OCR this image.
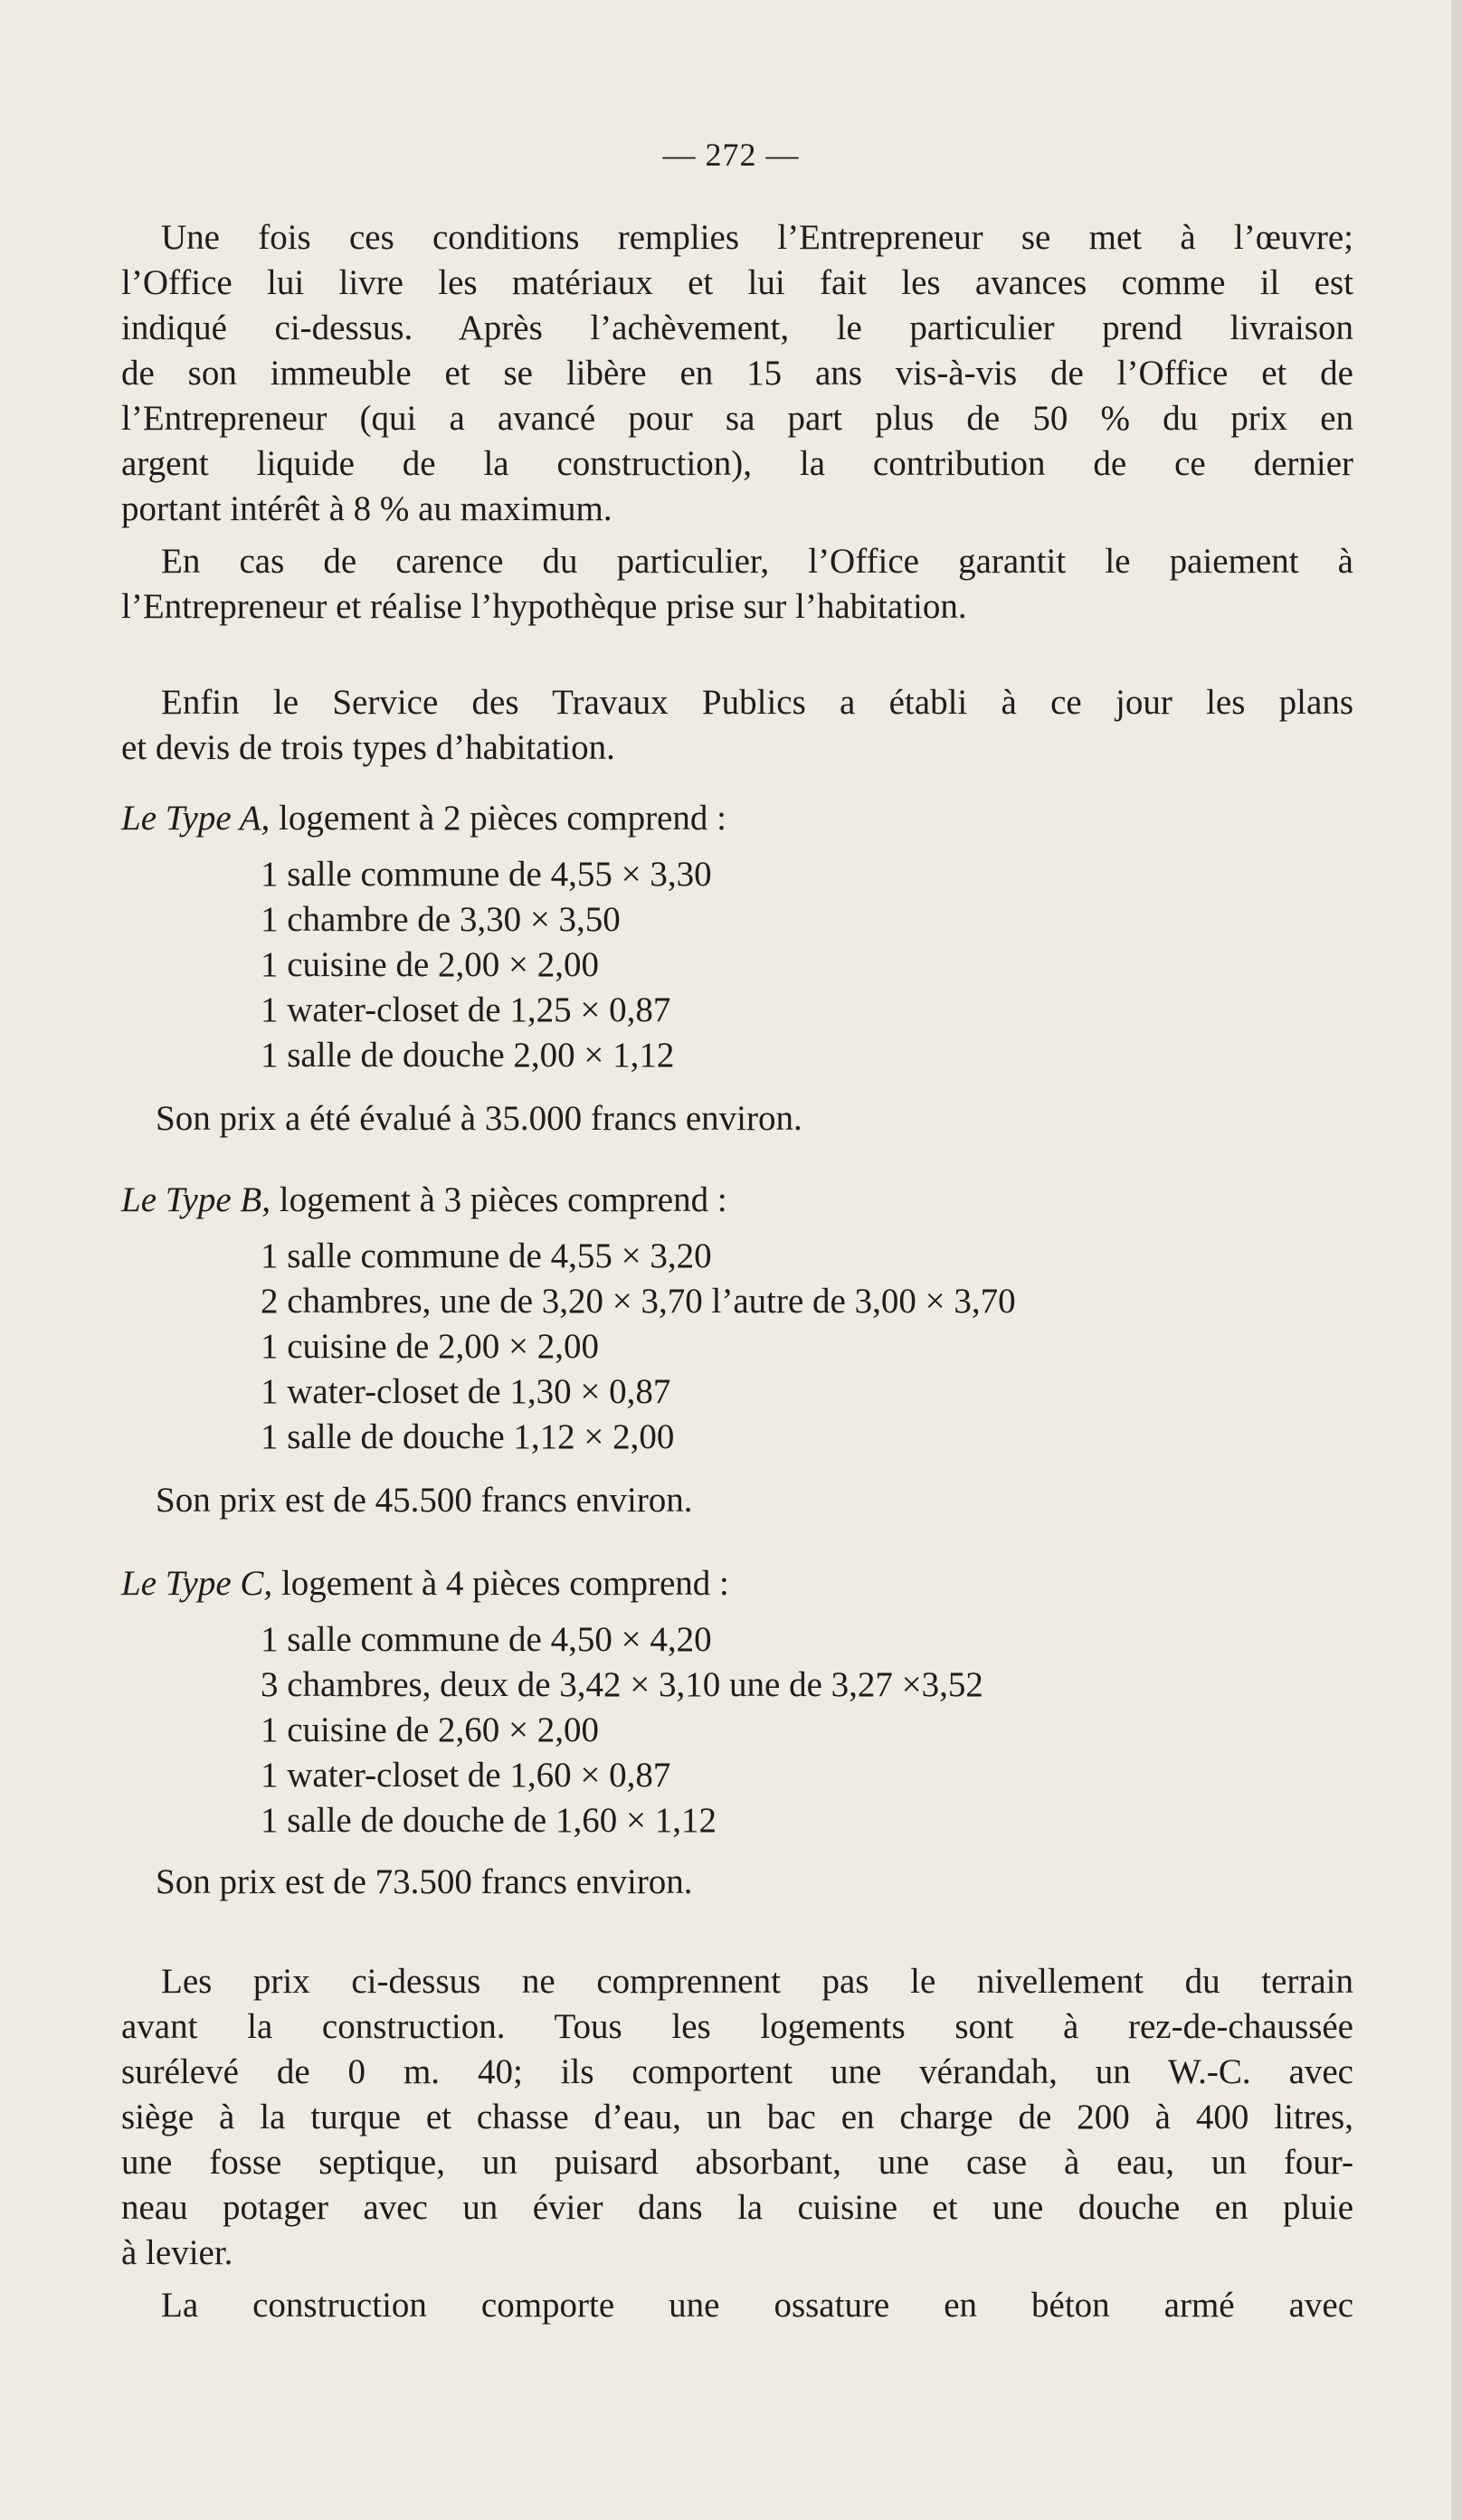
— 272 —
Une fois ces conditions remplies l’Entrepreneur se met à l’œuvre;
l’Office lui livre les matériaux et lui fait les avances comme il est
indiqué ci-dessus. Après l’achèvement, le particulier prend livraison
de son immeuble et se libère en 15 ans vis-à-vis de l’Office et de
l’Entrepreneur (qui a avancé pour sa part plus de 50 % du prix en
argent liquide de la construction), la contribution de ce dernier
portant intérêt à 8 % au maximum.
En cas de carence du particulier, l’Office garantit le paiement à
l’Entrepreneur et réalise l’hypothèque prise sur l’habitation.
Enfin le Service des Travaux Publics a établi à ce jour les plans
et devis de trois types d’habitation.
Le Type A, logement à 2 pièces comprend :
1 salle commune de 4,55 × 3,30
1 chambre de 3,30 × 3,50
1 cuisine de 2,00 × 2,00
1 water-closet de 1,25 × 0,87
1 salle de douche 2,00 × 1,12
Son prix a été évalué à 35.000 francs environ.
Le Type B, logement à 3 pièces comprend :
1 salle commune de 4,55 × 3,20
2 chambres, une de 3,20 × 3,70 l’autre de 3,00 × 3,70
1 cuisine de 2,00 × 2,00
1 water-closet de 1,30 × 0,87
1 salle de douche 1,12 × 2,00
Son prix est de 45.500 francs environ.
Le Type C, logement à 4 pièces comprend :
1 salle commune de 4,50 × 4,20
3 chambres, deux de 3,42 × 3,10 une de 3,27 ×3,52
1 cuisine de 2,60 × 2,00
1 water-closet de 1,60 × 0,87
1 salle de douche de 1,60 × 1,12
Son prix est de 73.500 francs environ.
Les prix ci-dessus ne comprennent pas le nivellement du terrain
avant la construction. Tous les logements sont à rez-de-chaussée
surélevé de 0 m. 40; ils comportent une vérandah, un W.-C. avec
siège à la turque et chasse d’eau, un bac en charge de 200 à 400 litres,
une fosse septique, un puisard absorbant, une case à eau, un four-
neau potager avec un évier dans la cuisine et une douche en pluie
à levier.
La construction comporte une ossature en béton armé avec
